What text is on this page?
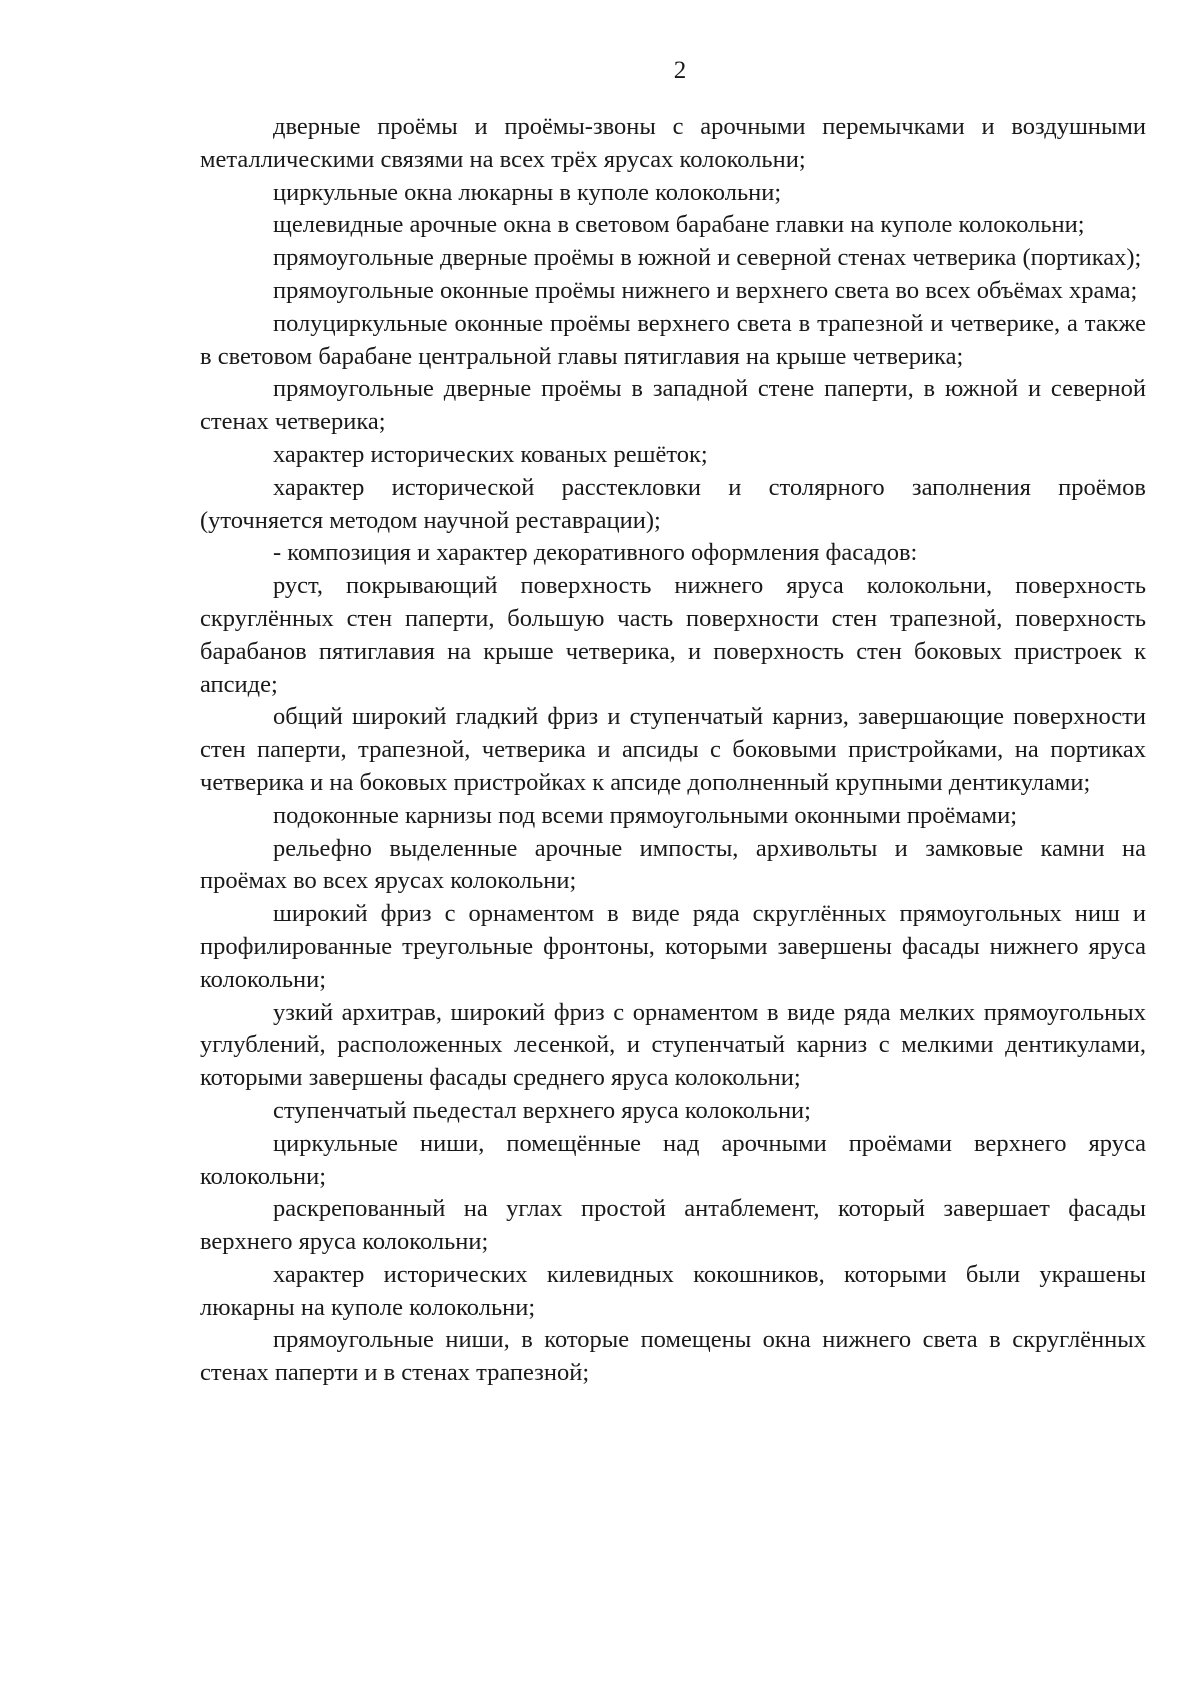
2

дверные проёмы и проёмы-звоны с арочными перемычками и воздушными металлическими связями на всех трёх ярусах колокольни;

циркульные окна люкарны в куполе колокольни;

щелевидные арочные окна в световом барабане главки на куполе колокольни;

прямоугольные дверные проёмы в южной и северной стенах четверика (портиках);

прямоугольные оконные проёмы нижнего и верхнего света во всех объёмах храма;

полуциркульные оконные проёмы верхнего света в трапезной и четверике, а также в световом барабане центральной главы пятиглавия на крыше четверика;

прямоугольные дверные проёмы в западной стене паперти, в южной и северной стенах четверика;

характер исторических кованых решёток;

характер исторической расстекловки и столярного заполнения проёмов (уточняется методом научной реставрации);

- композиция и характер декоративного оформления фасадов:

руст, покрывающий поверхность нижнего яруса колокольни, поверхность скруглённых стен паперти, большую часть поверхности стен трапезной, поверхность барабанов пятиглавия на крыше четверика, и поверхность стен боковых пристроек к апсиде;

общий широкий гладкий фриз и ступенчатый карниз, завершающие поверхности стен паперти, трапезной, четверика и апсиды с боковыми пристройками, на портиках четверика и на боковых пристройках к апсиде дополненный крупными дентикулами;

подоконные карнизы под всеми прямоугольными оконными проёмами;

рельефно выделенные арочные импосты, архивольты и замковые камни на проёмах во всех ярусах колокольни;

широкий фриз с орнаментом в виде ряда скруглённых прямоугольных ниш и профилированные треугольные фронтоны, которыми завершены фасады нижнего яруса колокольни;

узкий архитрав, широкий фриз с орнаментом в виде ряда мелких прямоугольных углублений, расположенных лесенкой, и ступенчатый карниз с мелкими дентикулами, которыми завершены фасады среднего яруса колокольни;

ступенчатый пьедестал верхнего яруса колокольни;

циркульные ниши, помещённые над арочными проёмами верхнего яруса колокольни;

раскрепованный на углах простой антаблемент, который завершает фасады верхнего яруса колокольни;

характер исторических килевидных кокошников, которыми были украшены люкарны на куполе колокольни;

прямоугольные ниши, в которые помещены окна нижнего света в скруглённых стенах паперти и в стенах трапезной;
